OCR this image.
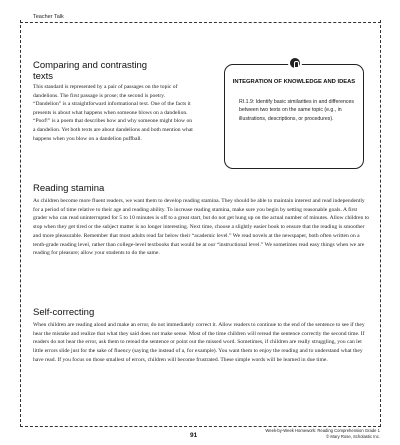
Teacher Talk
Comparing and contrasting texts
This standard is represented by a pair of passages on the topic of dandelions. The first passage is prose; the second is poetry. “Dandelion” is a straightforward informational text. One of the facts it presents is about what happens when someone blows on a dandelion. “Poof!” is a poem that describes how and why someone might blow on a dandelion. Yet both texts are about dandelions and both mention what happens when you blow on a dandelion puffball.
INTEGRATION OF KNOWLEDGE AND IDEAS
RI.1.9: Identify basic similarities in and differences between two texts on the same topic (e.g., in illustrations, descriptions, or procedures).
Reading stamina
As children become more fluent readers, we want them to develop reading stamina. They should be able to maintain interest and read independently for a period of time relative to their age and reading ability. To increase reading stamina, make sure you begin by setting reasonable goals. A first grader who can read uninterrupted for 5 to 10 minutes is off to a great start, but do not get hung up on the actual number of minutes. Allow children to stop when they get tired or the subject matter is no longer interesting. Next time, choose a slightly easier book to ensure that the reading is smoother and more pleasurable. Remember that most adults read far below their “academic level.” We read novels at the newspaper, both often written on a tenth-grade reading level, rather than college-level textbooks that would be at our “instructional level.” We sometimes read easy things when we are reading for pleasure; allow your students to do the same.
Self-correcting
When children are reading aloud and make an error, do not immediately correct it. Allow readers to continue to the end of the sentence to see if they hear the mistake and realize that what they said does not make sense. Most of the time children will reread the sentence correctly the second time. If readers do not hear the error, ask them to reread the sentence or point out the missed word. Sometimes, if children are really struggling, you can let little errors slide just for the sake of fluency (saying the instead of a, for example). You want them to enjoy the reading and to understand what they have read. If you focus on those smallest of errors, children will become frustrated. These simple words will be learned in due time.
91
Week-by-Week Homework: Reading Comprehension Grade 1
© Mary Rose, Scholastic Inc.
